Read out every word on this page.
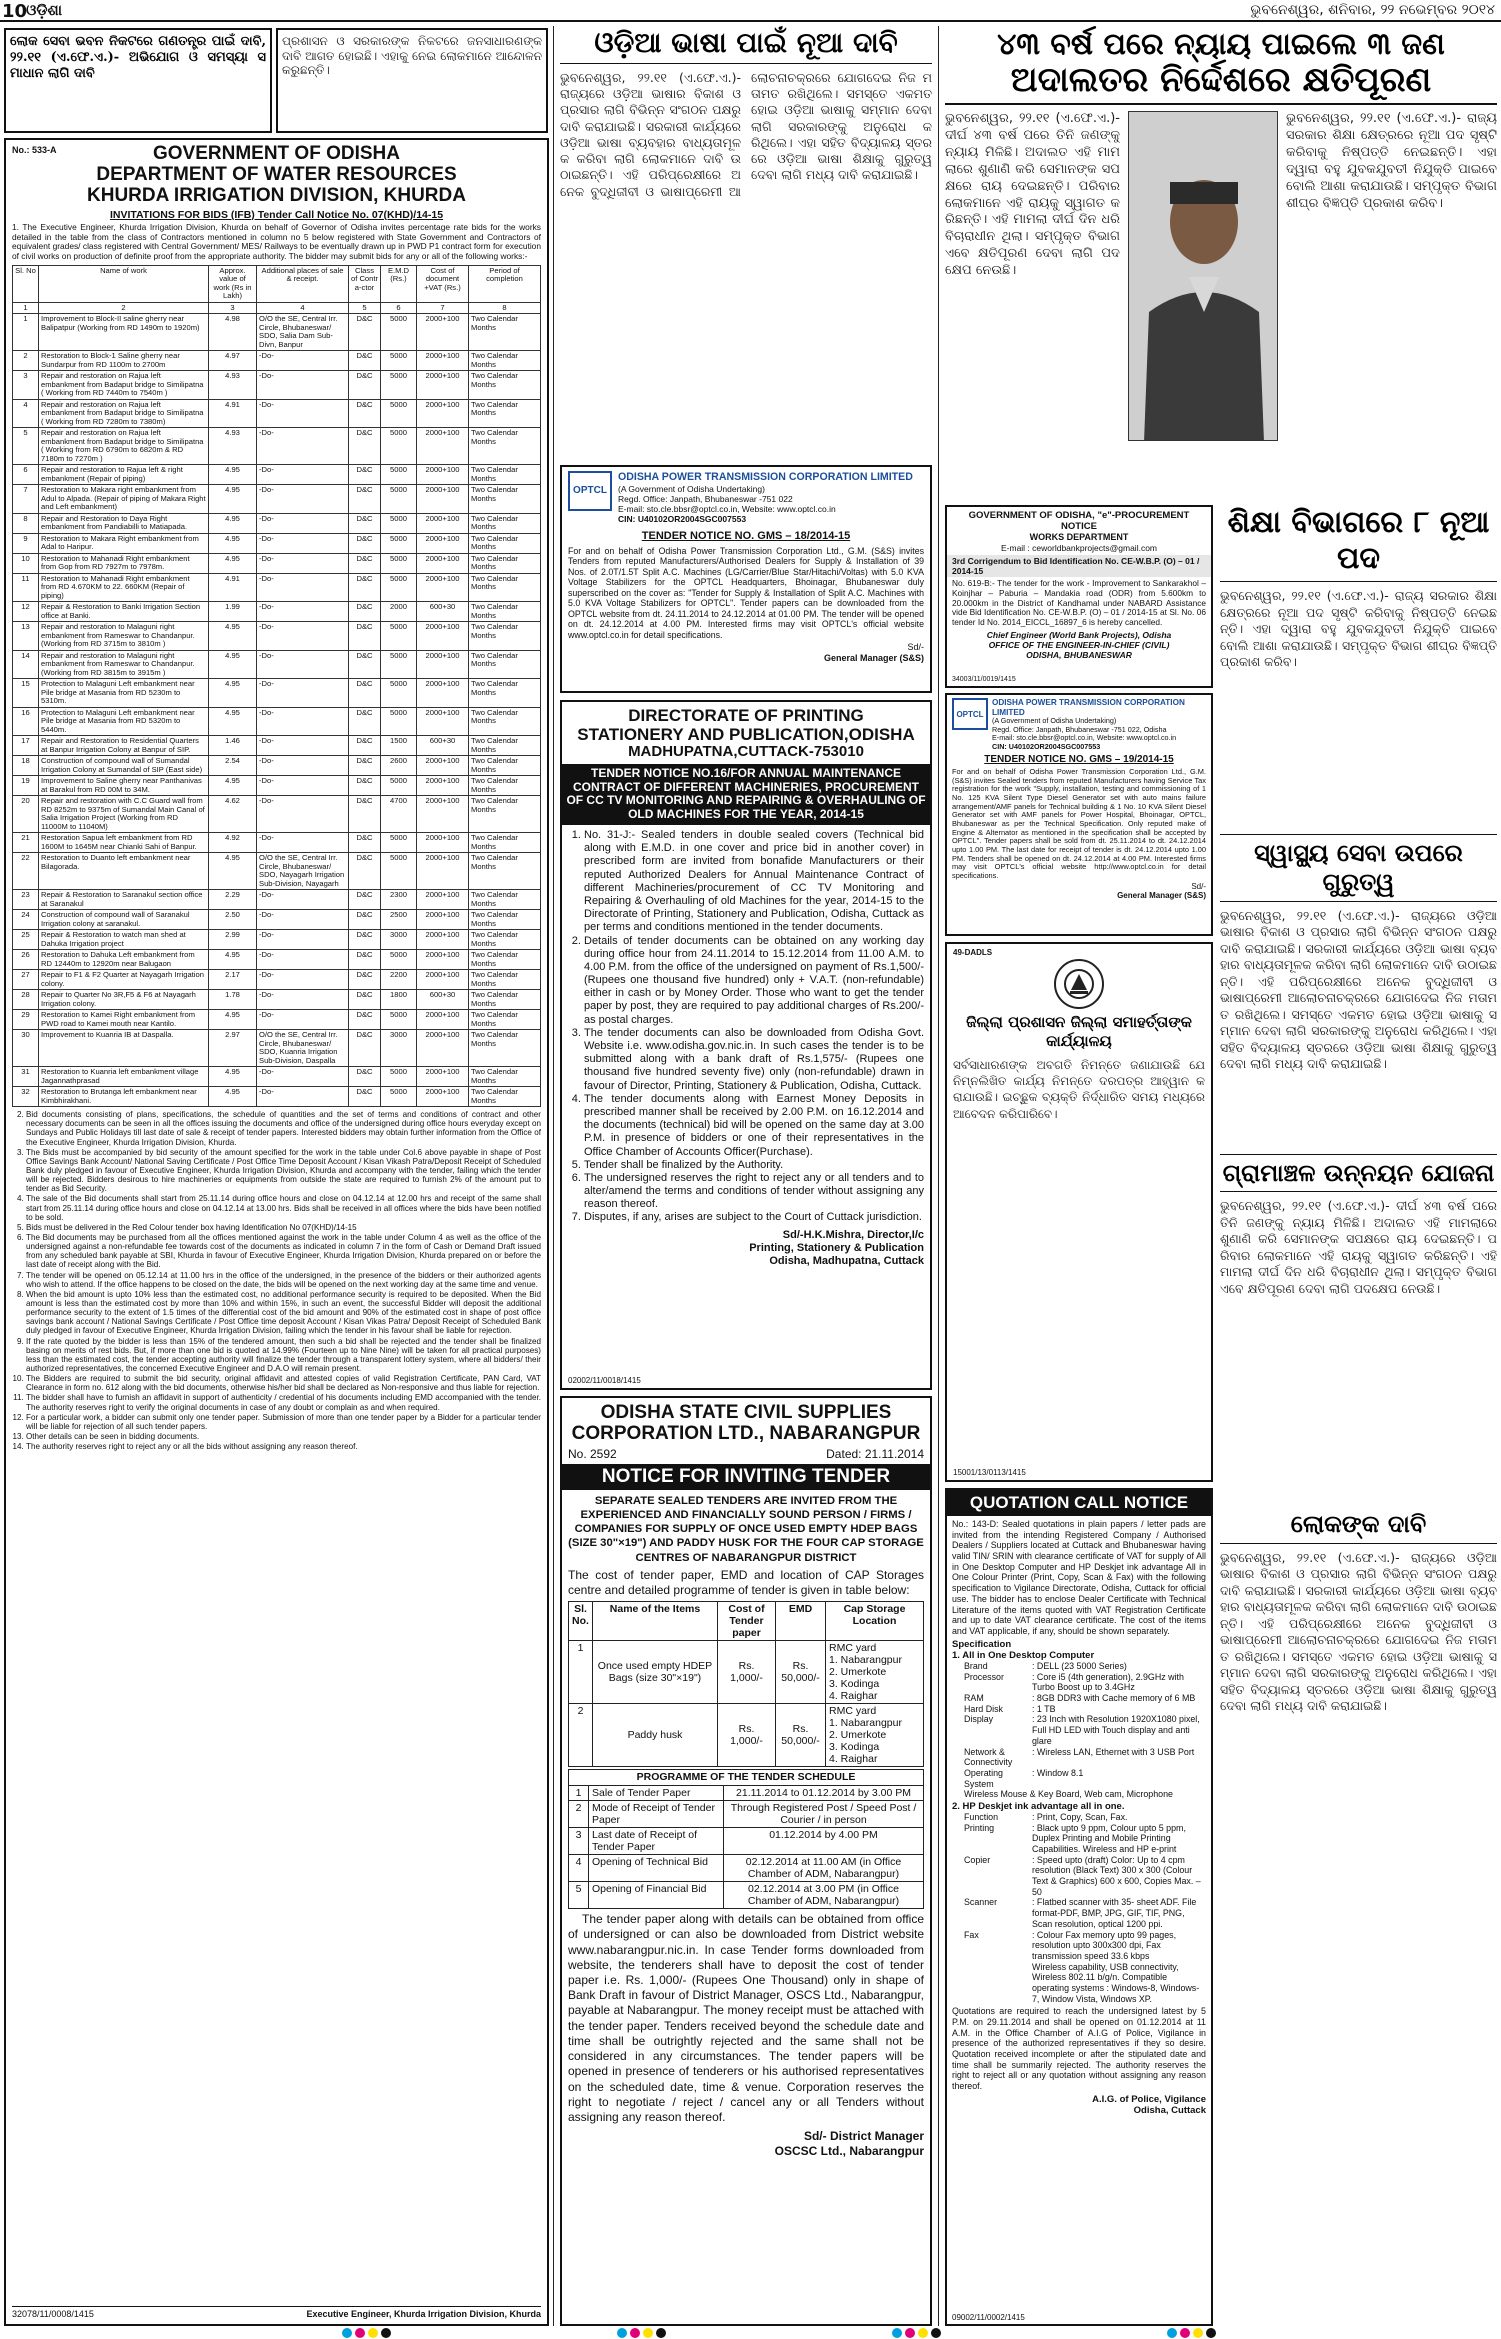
10
ଓଡ଼ିଶା	ଭୁବନେଶ୍ୱର, ଶନିବାର, ୨୨ ନଭେମ୍ବର ୨୦୧୪
ଲୋକ ସେବା ଭବନ ନିକଟରେ ଗଣତନ୍ତ୍ର ପାଇଁ ଦାବି, ୨୨.୧୧ (ଏ.ଫେ.ଏ.)- ଅଭିଯୋଗ ଓ ସମସ୍ୟା ସମାଧାନ ଲାଗି ଦାବି
ପ୍ରଶାସନ ଓ ସରକାରଙ୍କ ନିକଟରେ ଜନସାଧାରଣଙ୍କ ଦାବି ଆଗତ ହୋଇଛି। ଏହାକୁ ନେଇ ଲୋକମାନେ ଆନ୍ଦୋଳନ କରୁଛନ୍ତି।
No.: 533-A	GOVERNMENT OF ODISHA
DEPARTMENT OF WATER RESOURCES
KHURDA IRRIGATION DIVISION, KHURDA
INVITATIONS FOR BIDS (IFB) Tender Call Notice No. 07(KHD)/14-15
1. The Executive Engineer, Khurda Irrigation Division, Khurda on behalf of Governor of Odisha invites percentage rate bids for the works detailed in the table from the class of Contractors mentioned in column no 5 below registered with State Government and Contractors of equivalent grades/ class registered with Central Government/ MES/ Railways to be eventually drawn up in PWD P1 contract form for execution of civil works on production of definite proof from the appropriate authority. The bidder may submit bids for any or all of the following works:-
Sl. No	Name of work	Approx. value of work (Rs in Lakh)	Additional places of sale & receipt.	Class of Contr a-ctor	E.M.D (Rs.)	Cost of document +VAT (Rs.)	Period of completion
1	2	3	4	5	6	7	8
1	Improvement to Block-II saline gherry near Balipatpur (Working from RD 1490m to 1920m)	4.98	O/O the SE, Central Irr. Circle, Bhubaneswar/ SDO, Salia Dam Sub-Divn, Banpur	D&C	5000	2000+100	Two Calendar Months
2	Restoration to Block-1 Saline gherry near Sundarpur from RD 1100m to 2700m	4.97	-Do-	D&C	5000	2000+100	Two Calendar Months
3	Repair and restoration on Rajua left embankment from Badaput bridge to Similipatna ( Working from RD 7440m to 7540m )	4.93	-Do-	D&C	5000	2000+100	Two Calendar Months
4	Repair and restoration on Rajua left embankment from Badaput bridge to Similipatna ( Working from RD 7280m to 7380m)	4.91	-Do-	D&C	5000	2000+100	Two Calendar Months
5	Repair and restoration on Rajua left embankment from Badaput bridge to Similipatna ( Working from RD 6790m to 6820m & RD 7180m to 7270m )	4.93	-Do-	D&C	5000	2000+100	Two Calendar Months
6	Repair and restoration to Rajua left & right embankment (Repair of piping)	4.95	-Do-	D&C	5000	2000+100	Two Calendar Months
7	Restoration to Makara right embankment from Adul to Alpada. (Repair of piping of Makara Right and Left embankment)	4.95	-Do-	D&C	5000	2000+100	Two Calendar Months
8	Repair and Restoration to Daya Right embankment from Pandiabilli to Matiapada.	4.95	-Do-	D&C	5000	2000+100	Two Calendar Months
9	Restoration to Makara Right embankment from Adal to Haripur.	4.95	-Do-	D&C	5000	2000+100	Two Calendar Months
10	Restoration to Mahanadi Right embankment from Gop from RD 7927m to 7978m.	4.95	-Do-	D&C	5000	2000+100	Two Calendar Months
11	Restoration to Mahanadi Right embankment from RD 4.670KM to 22. 660KM (Repair of piping)	4.91	-Do-	D&C	5000	2000+100	Two Calendar Months
12	Repair & Restoration to Banki Irrigation Section office at Banki.	1.99	-Do-	D&C	2000	600+30	Two Calendar Months
13	Repair and restoration to Malaguni right embankment from Rameswar to Chandanpur. (Working from RD 3715m to 3810m )	4.95	-Do-	D&C	5000	2000+100	Two Calendar Months
14	Repair and restoration to Malaguni right embankment from Rameswar to Chandanpur. (Working from RD 3815m to 3915m )	4.95	-Do-	D&C	5000	2000+100	Two Calendar Months
15	Protection to Malaguni Left embankment near Pile bridge at Masania from RD 5230m to 5310m.	4.95	-Do-	D&C	5000	2000+100	Two Calendar Months
16	Protection to Malaguni Left embankment near Pile bridge at Masania from RD 5320m to 5440m.	4.95	-Do-	D&C	5000	2000+100	Two Calendar Months
17	Repair and Restoration to Residential Quarters at Banpur Irrigation Colony at Banpur of SIP.	1.46	-Do-	D&C	1500	600+30	Two Calendar Months
18	Construction of compound wall of Sumandal Irrigation Colony at Sumandal of SIP (East side)	2.54	-Do-	D&C	2600	2000+100	Two Calendar Months
19	Improvement to Saline gherry near Panthanivas at Barakul from RD 00M to 34M.	4.95	-Do-	D&C	5000	2000+100	Two Calendar Months
20	Repair and restoration with C.C Guard wall from RD 8252m to 9375m of Sumandal Main Canal of Salia Irrigation Project (Working from RD 11000M to 11040M)	4.62	-Do-	D&C	4700	2000+100	Two Calendar Months
21	Restoration Sapua left embankment from RD 1600M to 1645M near Chianki Sahi of Banpur.	4.92	-Do-	D&C	5000	2000+100	Two Calendar Months
22	Restoration to Duanto left embankment near Bilagorada.	4.95	O/O the SE, Central Irr. Circle, Bhubaneswar/ SDO, Nayagarh Irrigation Sub-Division, Nayagarh	D&C	5000	2000+100	Two Calendar Months
23	Repair & Restoration to Saranakul section office at Saranakul	2.29	-Do-	D&C	2300	2000+100	Two Calendar Months
24	Construction of compound wall of Saranakul Irrigation colony at saranakul.	2.50	-Do-	D&C	2500	2000+100	Two Calendar Months
25	Repair & Restoration to watch man shed at Dahuka Irrigation project	2.99	-Do-	D&C	3000	2000+100	Two Calendar Months
26	Restoration to Dahuka Left embankment from RD 12440m to 12920m near Balugaon	4.95	-Do-	D&C	5000	2000+100	Two Calendar Months
27	Repair to F1 & F2 Quarter at Nayagarh Irrigation colony.	2.17	-Do-	D&C	2200	2000+100	Two Calendar Months
28	Repair to Quarter No 3R,F5 & F6 at Nayagarh Irrigation colony.	1.78	-Do-	D&C	1800	600+30	Two Calendar Months
29	Restoration to Kamei Right embankment from PWD road to Kamei mouth near Kantilo.	4.95	-Do-	D&C	5000	2000+100	Two Calendar Months
30	Improvement to Kuanria IB at Daspalla.	2.97	O/O the SE, Central Irr. Circle, Bhubaneswar/ SDO, Kuanria Irrigation Sub-Division, Daspalla	D&C	3000	2000+100	Two Calendar Months
31	Restoration to Kuanria left embankment village Jagannathprasad	4.95	-Do-	D&C	5000	2000+100	Two Calendar Months
32	Restoration to Brutanga left embankment near Kimbhirakhani.	4.95	-Do-	D&C	5000	2000+100	Two Calendar Months
2. Bid documents consisting of plans, specifications, the schedule of quantities and the set of terms and conditions of contract and other necessary documents can be seen in all the offices issuing the documents and office of the undersigned during office hours everyday except on Sundays and Public Holidays till last date of sale & receipt of tender papers. Interested bidders may obtain further information from the Office of the Executive Engineer, Khurda Irrigation Division, Khurda.
3. The Bids must be accompanied by bid security of the amount specified for the work in the table under Col.6 above payable in shape of Post Office Savings Bank Account/ National Saving Certificate / Post Office Time Deposit Account / Kisan Vikash Patra/Deposit Receipt of Scheduled Bank duly pledged in favour of Executive Engineer, Khurda Irrigation Division, Khurda and accompany with the tender, failing which the tender will be rejected. Bidders desirous to hire machineries or equipments from outside the state are required to furnish 2% of the amount put to tender as Bid Security.
4. The sale of the Bid documents shall start from 25.11.14 during office hours and close on 04.12.14 at 12.00 hrs and receipt of the same shall start from 25.11.14 during office hours and close on 04.12.14 at 13.00 hrs. Bids shall be received in all offices where the bids have been notified to be sold.
5. Bids must be delivered in the Red Colour tender box having Identification No 07(KHD)/14-15
6. The Bid documents may be purchased from all the offices mentioned against the work in the table under Column 4 as well as the office of the undersigned against a non-refundable fee towards cost of the documents as indicated in column 7 in the form of Cash or Demand Draft issued from any scheduled bank payable at SBI, Khurda in favour of Executive Engineer, Khurda Irrigation Division, Khurda prepared on or before the last date of receipt along with the Bid.
7. The tender will be opened on 05.12.14 at 11.00 hrs in the office of the undersigned, in the presence of the bidders or their authorized agents who wish to attend. If the office happens to be closed on the date, the bids will be opened on the next working day at the same time and venue.
8. When the bid amount is upto 10% less than the estimated cost, no additional performance security is required to be deposited. When the Bid amount is less than the estimated cost by more than 10% and within 15%, in such an event, the successful Bidder will deposit the additional performance security to the extent of 1.5 times of the differential cost of the bid amount and 90% of the estimated cost in shape of post office savings bank account / National Savings Certificate / Post Office time deposit Account / Kisan Vikas Patra/ Deposit Receipt of Scheduled Bank duly pledged in favour of Executive Engineer, Khurda Irrigation Division, failing which the tender in his favour shall be liable for rejection.
9. If the rate quoted by the bidder is less than 15% of the tendered amount, then such a bid shall be rejected and the tender shall be finalized basing on merits of rest bids. But, if more than one bid is quoted at 14.99% (Fourteen up to Nine Nine) will be taken for all practical purposes) less than the estimated cost, the tender accepting authority will finalize the tender through a transparent lottery system, where all bidders/ their authorized representatives, the concerned Executive Engineer and D.A.O will remain present.
10. The Bidders are required to submit the bid security, original affidavit and attested copies of valid Registration Certificate, PAN Card, VAT Clearance in form no. 612 along with the bid documents, otherwise his/her bid shall be declared as Non-responsive and thus liable for rejection.
11. The bidder shall have to furnish an affidavit in support of authenticity / credential of his documents including EMD accompanied with the tender. The authority reserves right to verify the original documents in case of any doubt or complain as and when required.
12. For a particular work, a bidder can submit only one tender paper. Submission of more than one tender paper by a Bidder for a particular tender will be liable for rejection of all such tender papers.
13. Other details can be seen in bidding documents.
14. The authority reserves right to reject any or all the bids without assigning any reason thereof.
32078/11/0008/1415	Executive Engineer, Khurda Irrigation Division, Khurda
ଓଡ଼ିଆ ଭାଷା ପାଇଁ ନୂଆ ଦାବି
ଭୁବନେଶ୍ୱର, ୨୨.୧୧ (ଏ.ଫେ.ଏ.)- ରାଜ୍ୟରେ ଓଡ଼ିଆ ଭାଷାର ବିକାଶ ଓ ପ୍ରସାର ଲାଗି ବିଭିନ୍ନ ସଂଗଠନ ପକ୍ଷରୁ ଦାବି କରାଯାଇଛି। ସରକାରୀ କାର୍ଯ୍ୟରେ ଓଡ଼ିଆ ଭାଷା ବ୍ୟବହାର ବାଧ୍ୟତାମୂଳକ କରିବା ଲାଗି ଲୋକମାନେ ଦାବି ଉଠାଇଛନ୍ତି। ଏହି ପରିପ୍ରେକ୍ଷୀରେ ଅନେକ ବୁଦ୍ଧିଜୀବୀ ଓ ଭାଷାପ୍ରେମୀ ଆଲୋଚନାଚକ୍ରରେ ଯୋଗଦେଇ ନିଜ ମତାମତ ରଖିଥିଲେ। ସମସ୍ତେ ଏକମତ ହୋଇ ଓଡ଼ିଆ ଭାଷାକୁ ସମ୍ମାନ ଦେବା ଲାଗି ସରକାରଙ୍କୁ ଅନୁରୋଧ କରିଥିଲେ। ଏହା ସହିତ ବିଦ୍ୟାଳୟ ସ୍ତରରେ ଓଡ଼ିଆ ଭାଷା ଶିକ୍ଷାକୁ ଗୁରୁତ୍ୱ ଦେବା ଲାଗି ମଧ୍ୟ ଦାବି କରାଯାଇଛି।
OPTCL
ODISHA POWER TRANSMISSION CORPORATION LIMITED
(A Government of Odisha Undertaking)
Regd. Office: Janpath, Bhubaneswar -751 022
E-mail: sto.cle.bbsr@optcl.co.in, Website: www.optcl.co.in
CIN: U40102OR2004SGC007553
TENDER NOTICE NO. GMS – 18/2014-15
For and on behalf of Odisha Power Transmission Corporation Ltd., G.M. (S&S) invites Tenders from reputed Manufacturers/Authorised Dealers for Supply & Installation of 39 Nos. of 2.0T/1.5T Split A.C. Machines (LG/Carrier/Blue Star/Hitachi/Voltas) with 5.0 KVA Voltage Stabilizers for the OPTCL Headquarters, Bhoinagar, Bhubaneswar duly superscribed on the cover as: "Tender for Supply & Installation of Split A.C. Machines with 5.0 KVA Voltage Stabilizers for OPTCL". Tender papers can be downloaded from the OPTCL website from dt. 24.11.2014 to 24.12.2014 at 01.00 PM. The tender will be opened on dt. 24.12.2014 at 4.00 PM. Interested firms may visit OPTCL's official website www.optcl.co.in for detail specifications.
Sd/-
General Manager (S&S)
DIRECTORATE OF PRINTING
STATIONERY AND PUBLICATION,ODISHA
MADHUPATNA,CUTTACK-753010
TENDER NOTICE NO.16/FOR ANNUAL MAINTENANCE CONTRACT OF DIFFERENT MACHINERIES, PROCUREMENT OF CC TV MONITORING AND REPAIRING & OVERHAULING OF OLD MACHINES FOR THE YEAR, 2014-15
1. No. 31-J:- Sealed tenders in double sealed covers (Technical bid along with E.M.D. in one cover and price bid in another cover) in prescribed form are invited from bonafide Manufacturers or their reputed Authorized Dealers for Annual Maintenance Contract of different Machineries/procurement of CC TV Monitoring and Repairing & Overhauling of old Machines for the year, 2014-15 to the Directorate of Printing, Stationery and Publication, Odisha, Cuttack as per terms and conditions mentioned in the tender documents.
2. Details of tender documents can be obtained on any working day during office hour from 24.11.2014 to 15.12.2014 from 11.00 A.M. to 4.00 P.M. from the office of the undersigned on payment of Rs.1,500/-(Rupees one thousand five hundred) only + V.A.T. (non-refundable) either in cash or by Money Order. Those who want to get the tender paper by post, they are required to pay additional charges of Rs.200/- as postal charges.
3. The tender documents can also be downloaded from Odisha Govt. Website i.e. www.odisha.gov.nic.in. In such cases the tender is to be submitted along with a bank draft of Rs.1,575/- (Rupees one thousand five hundred seventy five) only (non-refundable) drawn in favour of Director, Printing, Stationery & Publication, Odisha, Cuttack.
4. The tender documents along with Earnest Money Deposits in prescribed manner shall be received by 2.00 P.M. on 16.12.2014 and the documents (technical) bid will be opened on the same day at 3.00 P.M. in presence of bidders or one of their representatives in the Office Chamber of Accounts Officer(Purchase).
5. Tender shall be finalized by the Authority.
6. The undersigned reserves the right to reject any or all tenders and to alter/amend the terms and conditions of tender without assigning any reason thereof.
7. Disputes, if any, arises are subject to the Court of Cuttack jurisdiction.
Sd/-H.K.Mishra, Director,I/c
Printing, Stationery & Publication
Odisha, Madhupatna, Cuttack
02002/11/0018/1415
ODISHA STATE CIVIL SUPPLIES
CORPORATION LTD., NABARANGPUR
No. 2592	Dated: 21.11.2014
NOTICE FOR INVITING TENDER
SEPARATE SEALED TENDERS ARE INVITED FROM THE EXPERIENCED AND FINANCIALLY SOUND PERSON / FIRMS / COMPANIES FOR SUPPLY OF ONCE USED EMPTY HDEP BAGS (SIZE 30"×19") AND PADDY HUSK FOR THE FOUR CAP STORAGE CENTRES OF NABARANGPUR DISTRICT
The cost of tender paper, EMD and location of CAP Storages centre and detailed programme of tender is given in table below:
Sl. No.	Name of the Items	Cost of Tender paper	EMD	Cap Storage Location
1	Once used empty HDEP Bags (size 30"×19")	Rs. 1,000/-	Rs. 50,000/-	RMC yard
1. Nabarangpur
2. Umerkote
3. Kodinga
4. Raighar

2	Paddy husk	Rs. 1,000/-	Rs. 50,000/-	RMC yard
1. Nabarangpur
2. Umerkote
3. Kodinga
4. Raighar
PROGRAMME OF THE TENDER SCHEDULE		
1	Sale of Tender Paper	21.11.2014 to 01.12.2014 by 3.00 PM
2	Mode of Receipt of Tender Paper	Through Registered Post / Speed Post / Courier / in person
3	Last date of Receipt of Tender Paper	01.12.2014 by 4.00 PM
4	Opening of Technical Bid	02.12.2014 at 11.00 AM (in Office Chamber of ADM, Nabarangpur)
5	Opening of Financial Bid	02.12.2014 at 3.00 PM (in Office Chamber of ADM, Nabarangpur)
The tender paper along with details can be obtained from office of undersigned or can also be downloaded from District website www.nabarangpur.nic.in. In case Tender forms downloaded from website, the tenderers shall have to deposit the cost of tender paper i.e. Rs. 1,000/- (Rupees One Thousand) only in shape of Bank Draft in favour of District Manager, OSCS Ltd., Nabarangpur, payable at Nabarangpur. The money receipt must be attached with the tender paper. Tenders received beyond the schedule date and time shall be outrightly rejected and the same shall not be considered in any circumstances. The tender papers will be opened in presence of tenderers or his authorised representatives on the scheduled date, time & venue. Corporation reserves the right to negotiate / reject / cancel any or all Tenders without assigning any reason thereof.
Sd/- District Manager
OSCSC Ltd., Nabarangpur
୪୩ ବର୍ଷ ପରେ ନ୍ୟାୟ ପାଇଲେ ୩ ଜଣ
ଅଦାଲତର ନିର୍ଦ୍ଦେଶରେ କ୍ଷତିପୂରଣ
ଭୁବନେଶ୍ୱର, ୨୨.୧୧ (ଏ.ଫେ.ଏ.)- ଦୀର୍ଘ ୪୩ ବର୍ଷ ପରେ ତିନି ଜଣଙ୍କୁ ନ୍ୟାୟ ମିଳିଛି। ଅଦାଲତ ଏହି ମାମଲାରେ ଶୁଣାଣି କରି ସେମାନଙ୍କ ସପକ୍ଷରେ ରାୟ ଦେଇଛନ୍ତି। ପରିବାର ଲୋକମାନେ ଏହି ରାୟକୁ ସ୍ୱାଗତ କରିଛନ୍ତି। ଏହି ମାମଲା ଦୀର୍ଘ ଦିନ ଧରି ବିଚାରାଧୀନ ଥିଲା। ସମ୍ପୃକ୍ତ ବିଭାଗ ଏବେ କ୍ଷତିପୂରଣ ଦେବା ଲାଗି ପଦକ୍ଷେପ ନେଉଛି।
ଭୁବନେଶ୍ୱର, ୨୨.୧୧ (ଏ.ଫେ.ଏ.)- ରାଜ୍ୟ ସରକାର ଶିକ୍ଷା କ୍ଷେତ୍ରରେ ନୂଆ ପଦ ସୃଷ୍ଟି କରିବାକୁ ନିଷ୍ପତ୍ତି ନେଇଛନ୍ତି। ଏହା ଦ୍ୱାରା ବହୁ ଯୁବକଯୁବତୀ ନିଯୁକ୍ତି ପାଇବେ ବୋଲି ଆଶା କରାଯାଉଛି। ସମ୍ପୃକ୍ତ ବିଭାଗ ଶୀଘ୍ର ବିଜ୍ଞପ୍ତି ପ୍ରକାଶ କରିବ।
GOVERNMENT OF ODISHA, "e"-PROCUREMENT NOTICE
WORKS DEPARTMENT
E-mail : ceworldbankprojects@gmail.com
3rd Corrigendum to Bid Identification No. CE-W.B.P. (O) – 01 / 2014-15
No. 619-B:- The tender for the work - Improvement to Sankarakhol – Koinjhar – Paburia – Mandakia road (ODR) from 5.600km to 20.000km in the District of Kandhamal under NABARD Assistance vide Bid Identification No. CE-W.B.P. (O) – 01 / 2014-15 at Sl. No. 06 tender Id No. 2014_EICCL_16897_6 is hereby cancelled.
Chief Engineer (World Bank Projects), Odisha
OFFICE OF THE ENGINEER-IN-CHIEF (CIVIL)
ODISHA, BHUBANESWAR
34003/11/0019/1415
OPTCL
ODISHA POWER TRANSMISSION CORPORATION LIMITED
(A Government of Odisha Undertaking)
Regd. Office: Janpath, Bhubaneswar -751 022, Odisha
E-mail: sto.cle.bbsr@optcl.co.in, Website: www.optcl.co.in
CIN: U40102OR2004SGC007553
TENDER NOTICE NO. GMS – 19/2014-15
For and on behalf of Odisha Power Transmission Corporation Ltd., G.M. (S&S) invites Sealed tenders from reputed Manufacturers having Service Tax registration for the work "Supply, installation, testing and commissioning of 1 No. 125 KVA Silent Type Diesel Generator set with auto mains failure arrangement/AMF panels for Technical building & 1 No. 10 KVA Silent Diesel Generator set with AMF panels for Power Hospital, Bhoinagar, OPTCL, Bhubaneswar as per the Technical Specification. Only reputed make of Engine & Alternator as mentioned in the specification shall be accepted by OPTCL". Tender papers shall be sold from dt. 25.11.2014 to dt. 24.12.2014 upto 1.00 PM. The last date for receipt of tender is dt. 24.12.2014 upto 1.00 PM. Tenders shall be opened on dt. 24.12.2014 at 4.00 PM. Interested firms may visit OPTCL's official website http://www.optcl.co.in for detail specifications.
Sd/-
General Manager (S&S)
49-DADLS
ଜିଲ୍ଲା ପ୍ରଶାସନ ଜିଲ୍ଲା ସମାହର୍ତ୍ତାଙ୍କ କାର୍ଯ୍ୟାଳୟ
ସର୍ବସାଧାରଣଙ୍କ ଅବଗତି ନିମନ୍ତେ ଜଣାଯାଉଛି ଯେ ନିମ୍ନଲିଖିତ କାର୍ଯ୍ୟ ନିମନ୍ତେ ଦରପତ୍ର ଆହ୍ୱାନ କରାଯାଉଛି। ଇଚ୍ଛୁକ ବ୍ୟକ୍ତି ନିର୍ଦ୍ଧାରିତ ସମୟ ମଧ୍ୟରେ ଆବେଦନ କରିପାରିବେ।
15001/13/0113/1415
ଶିକ୍ଷା ବିଭାଗରେ ୮ ନୂଆ ପଦ
ଭୁବନେଶ୍ୱର, ୨୨.୧୧ (ଏ.ଫେ.ଏ.)- ରାଜ୍ୟ ସରକାର ଶିକ୍ଷା କ୍ଷେତ୍ରରେ ନୂଆ ପଦ ସୃଷ୍ଟି କରିବାକୁ ନିଷ୍ପତ୍ତି ନେଇଛନ୍ତି। ଏହା ଦ୍ୱାରା ବହୁ ଯୁବକଯୁବତୀ ନିଯୁକ୍ତି ପାଇବେ ବୋଲି ଆଶା କରାଯାଉଛି। ସମ୍ପୃକ୍ତ ବିଭାଗ ଶୀଘ୍ର ବିଜ୍ଞପ୍ତି ପ୍ରକାଶ କରିବ।
ସ୍ୱାସ୍ଥ୍ୟ ସେବା ଉପରେ ଗୁରୁତ୍ୱ
ଭୁବନେଶ୍ୱର, ୨୨.୧୧ (ଏ.ଫେ.ଏ.)- ରାଜ୍ୟରେ ଓଡ଼ିଆ ଭାଷାର ବିକାଶ ଓ ପ୍ରସାର ଲାଗି ବିଭିନ୍ନ ସଂଗଠନ ପକ୍ଷରୁ ଦାବି କରାଯାଇଛି। ସରକାରୀ କାର୍ଯ୍ୟରେ ଓଡ଼ିଆ ଭାଷା ବ୍ୟବହାର ବାଧ୍ୟତାମୂଳକ କରିବା ଲାଗି ଲୋକମାନେ ଦାବି ଉଠାଇଛନ୍ତି। ଏହି ପରିପ୍ରେକ୍ଷୀରେ ଅନେକ ବୁଦ୍ଧିଜୀବୀ ଓ ଭାଷାପ୍ରେମୀ ଆଲୋଚନାଚକ୍ରରେ ଯୋଗଦେଇ ନିଜ ମତାମତ ରଖିଥିଲେ। ସମସ୍ତେ ଏକମତ ହୋଇ ଓଡ଼ିଆ ଭାଷାକୁ ସମ୍ମାନ ଦେବା ଲାଗି ସରକାରଙ୍କୁ ଅନୁରୋଧ କରିଥିଲେ। ଏହା ସହିତ ବିଦ୍ୟାଳୟ ସ୍ତରରେ ଓଡ଼ିଆ ଭାଷା ଶିକ୍ଷାକୁ ଗୁରୁତ୍ୱ ଦେବା ଲାଗି ମଧ୍ୟ ଦାବି କରାଯାଇଛି।
ଗ୍ରାମାଞ୍ଚଳ ଉନ୍ନୟନ ଯୋଜନା
ଭୁବନେଶ୍ୱର, ୨୨.୧୧ (ଏ.ଫେ.ଏ.)- ଦୀର୍ଘ ୪୩ ବର୍ଷ ପରେ ତିନି ଜଣଙ୍କୁ ନ୍ୟାୟ ମିଳିଛି। ଅଦାଲତ ଏହି ମାମଲାରେ ଶୁଣାଣି କରି ସେମାନଙ୍କ ସପକ୍ଷରେ ରାୟ ଦେଇଛନ୍ତି। ପରିବାର ଲୋକମାନେ ଏହି ରାୟକୁ ସ୍ୱାଗତ କରିଛନ୍ତି। ଏହି ମାମଲା ଦୀର୍ଘ ଦିନ ଧରି ବିଚାରାଧୀନ ଥିଲା। ସମ୍ପୃକ୍ତ ବିଭାଗ ଏବେ କ୍ଷତିପୂରଣ ଦେବା ଲାଗି ପଦକ୍ଷେପ ନେଉଛି।
ଲୋକଙ୍କ ଦାବି
ଭୁବନେଶ୍ୱର, ୨୨.୧୧ (ଏ.ଫେ.ଏ.)- ରାଜ୍ୟରେ ଓଡ଼ିଆ ଭାଷାର ବିକାଶ ଓ ପ୍ରସାର ଲାଗି ବିଭିନ୍ନ ସଂଗଠନ ପକ୍ଷରୁ ଦାବି କରାଯାଇଛି। ସରକାରୀ କାର୍ଯ୍ୟରେ ଓଡ଼ିଆ ଭାଷା ବ୍ୟବହାର ବାଧ୍ୟତାମୂଳକ କରିବା ଲାଗି ଲୋକମାନେ ଦାବି ଉଠାଇଛନ୍ତି। ଏହି ପରିପ୍ରେକ୍ଷୀରେ ଅନେକ ବୁଦ୍ଧିଜୀବୀ ଓ ଭାଷାପ୍ରେମୀ ଆଲୋଚନାଚକ୍ରରେ ଯୋଗଦେଇ ନିଜ ମତାମତ ରଖିଥିଲେ। ସମସ୍ତେ ଏକମତ ହୋଇ ଓଡ଼ିଆ ଭାଷାକୁ ସମ୍ମାନ ଦେବା ଲାଗି ସରକାରଙ୍କୁ ଅନୁରୋଧ କରିଥିଲେ। ଏହା ସହିତ ବିଦ୍ୟାଳୟ ସ୍ତରରେ ଓଡ଼ିଆ ଭାଷା ଶିକ୍ଷାକୁ ଗୁରୁତ୍ୱ ଦେବା ଲାଗି ମଧ୍ୟ ଦାବି କରାଯାଇଛି।
QUOTATION CALL NOTICE
No.: 143-D: Sealed quotations in plain papers / letter pads are invited from the intending Registered Company / Authorised Dealers / Suppliers located at Cuttack and Bhubaneswar having valid TIN/ SRIN with clearance certificate of VAT for supply of All in One Desktop Computer and HP Deskjet ink advantage All in One Colour Printer (Print, Copy, Scan & Fax) with the following specification to Vigilance Directorate, Odisha, Cuttack for official use. The bidder has to enclose Dealer Certificate with Technical Literature of the items quoted with VAT Registration Certificate and up to date VAT clearance certificate. The cost of the items and VAT applicable, if any, should be shown separately.
Specification
1. All in One Desktop Computer
Brand	: DELL (23 5000 Series)
Processor	: Core i5 (4th generation), 2.9GHz with Turbo Boost up to 3.4GHz
RAM	: 8GB DDR3 with Cache memory of 6 MB
Hard Disk	: 1 TB
Display	: 23 Inch with Resolution 1920X1080 pixel, Full HD LED with Touch display and anti glare
Network & Connectivity
: Wireless LAN, Ethernet with 3 USB Port
Operating System
: Window 8.1
Wireless Mouse & Key Board, Web cam, Microphone
2. HP Deskjet ink advantage all in one.
Function	: Print, Copy, Scan, Fax.
Printing	: Black upto 9 ppm, Colour upto 5 ppm, Duplex Printing and Mobile Printing Capabilities. Wireless and HP e-print
Copier	: Speed upto (draft) Color: Up to 4 cpm resolution (Black Text) 300 x 300 (Colour Text & Graphics) 600 x 600, Copies Max. – 50
Scanner	: Flatbed scanner with 35- sheet ADF. File format-PDF, BMP, JPG, GIF, TIF, PNG, Scan resolution, optical 1200 ppi.
Fax	: Colour Fax memory upto 99 pages, resolution upto 300x300 dpi, Fax transmission speed 33.6 kbps
Wireless capability, USB connectivity, Wireless 802.11 b/g/n. Compatible operating systems : Windows-8, Windows-7, Window Vista, Windows XP.
Quotations are required to reach the undersigned latest by 5 P.M. on 29.11.2014 and shall be opened on 01.12.2014 at 11 A.M. in the Office Chamber of A.I.G of Police, Vigilance in presence of the authorized representatives if they so desire. Quotation received incomplete or after the stipulated date and time shall be summarily rejected. The authority reserves the right to reject all or any quotation without assigning any reason thereof.
A.I.G. of Police, Vigilance
Odisha, Cuttack
09002/11/0002/1415
